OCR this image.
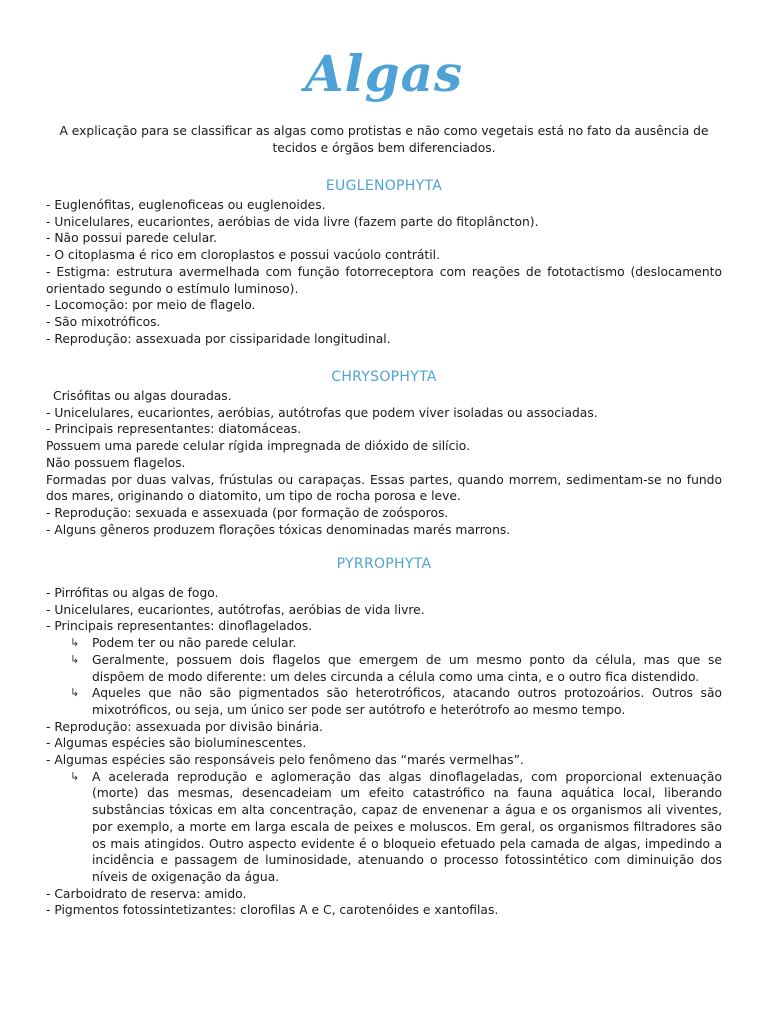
Algas
A explicação para se classificar as algas como protistas e não como vegetais está no fato da ausência de tecidos e órgãos bem diferenciados.
EUGLENOPHYTA
- Euglenófitas, euglenoficeas ou euglenoides.
- Unicelulares, eucariontes, aeróbias de vida livre (fazem parte do fitoplâncton).
- Não possui parede celular.
- O citoplasma é rico em cloroplastos e possui vacúolo contrátil.
- Estigma: estrutura avermelhada com função fotorreceptora com reações de fototactismo (deslocamento orientado segundo o estímulo luminoso).
- Locomoção: por meio de flagelo.
- São mixotróficos.
- Reprodução: assexuada por cissiparidade longitudinal.
CHRYSOPHYTA
Crisófitas ou algas douradas.
- Unicelulares, eucariontes, aeróbias, autótrofas que podem viver isoladas ou associadas.
- Principais representantes: diatomáceas.
Possuem uma parede celular rígida impregnada de dióxido de silício.
Não possuem flagelos.
Formadas por duas valvas, frústulas ou carapaças. Essas partes, quando morrem, sedimentam-se no fundo dos mares, originando o diatomito, um tipo de rocha porosa e leve.
- Reprodução: sexuada e assexuada (por formação de zoósporos.
- Alguns gêneros produzem florações tóxicas denominadas marés marrons.
PYRROPHYTA
- Pirrófitas ou algas de fogo.
- Unicelulares, eucariontes, autótrofas, aeróbias de vida livre.
- Principais representantes: dinoflagelados.
↳	Podem ter ou não parede celular.
↳	Geralmente, possuem dois flagelos que emergem de um mesmo ponto da célula, mas que se dispõem de modo diferente: um deles circunda a célula como uma cinta, e o outro fica distendido.
↳	Aqueles que não são pigmentados são heterotróficos, atacando outros protozoários. Outros são mixotróficos, ou seja, um único ser pode ser autótrofo e heterótrofo ao mesmo tempo.
- Reprodução: assexuada por divisão binária.
- Algumas espécies são bioluminescentes.
- Algumas espécies são responsáveis pelo fenômeno das “marés vermelhas”.
↳	A acelerada reprodução e aglomeração das algas dinoflageladas, com proporcional extenuação (morte) das mesmas, desencadeiam um efeito catastrófico na fauna aquática local, liberando substâncias tóxicas em alta concentração, capaz de envenenar a água e os organismos ali viventes, por exemplo, a morte em larga escala de peixes e moluscos. Em geral, os organismos filtradores são os mais atingidos. Outro aspecto evidente é o bloqueio efetuado pela camada de algas, impedindo a incidência e passagem de luminosidade, atenuando o processo fotossintético com diminuição dos níveis de oxigenação da água.
- Carboidrato de reserva: amido.
- Pigmentos fotossintetizantes: clorofilas A e C, carotenóides e xantofilas.
